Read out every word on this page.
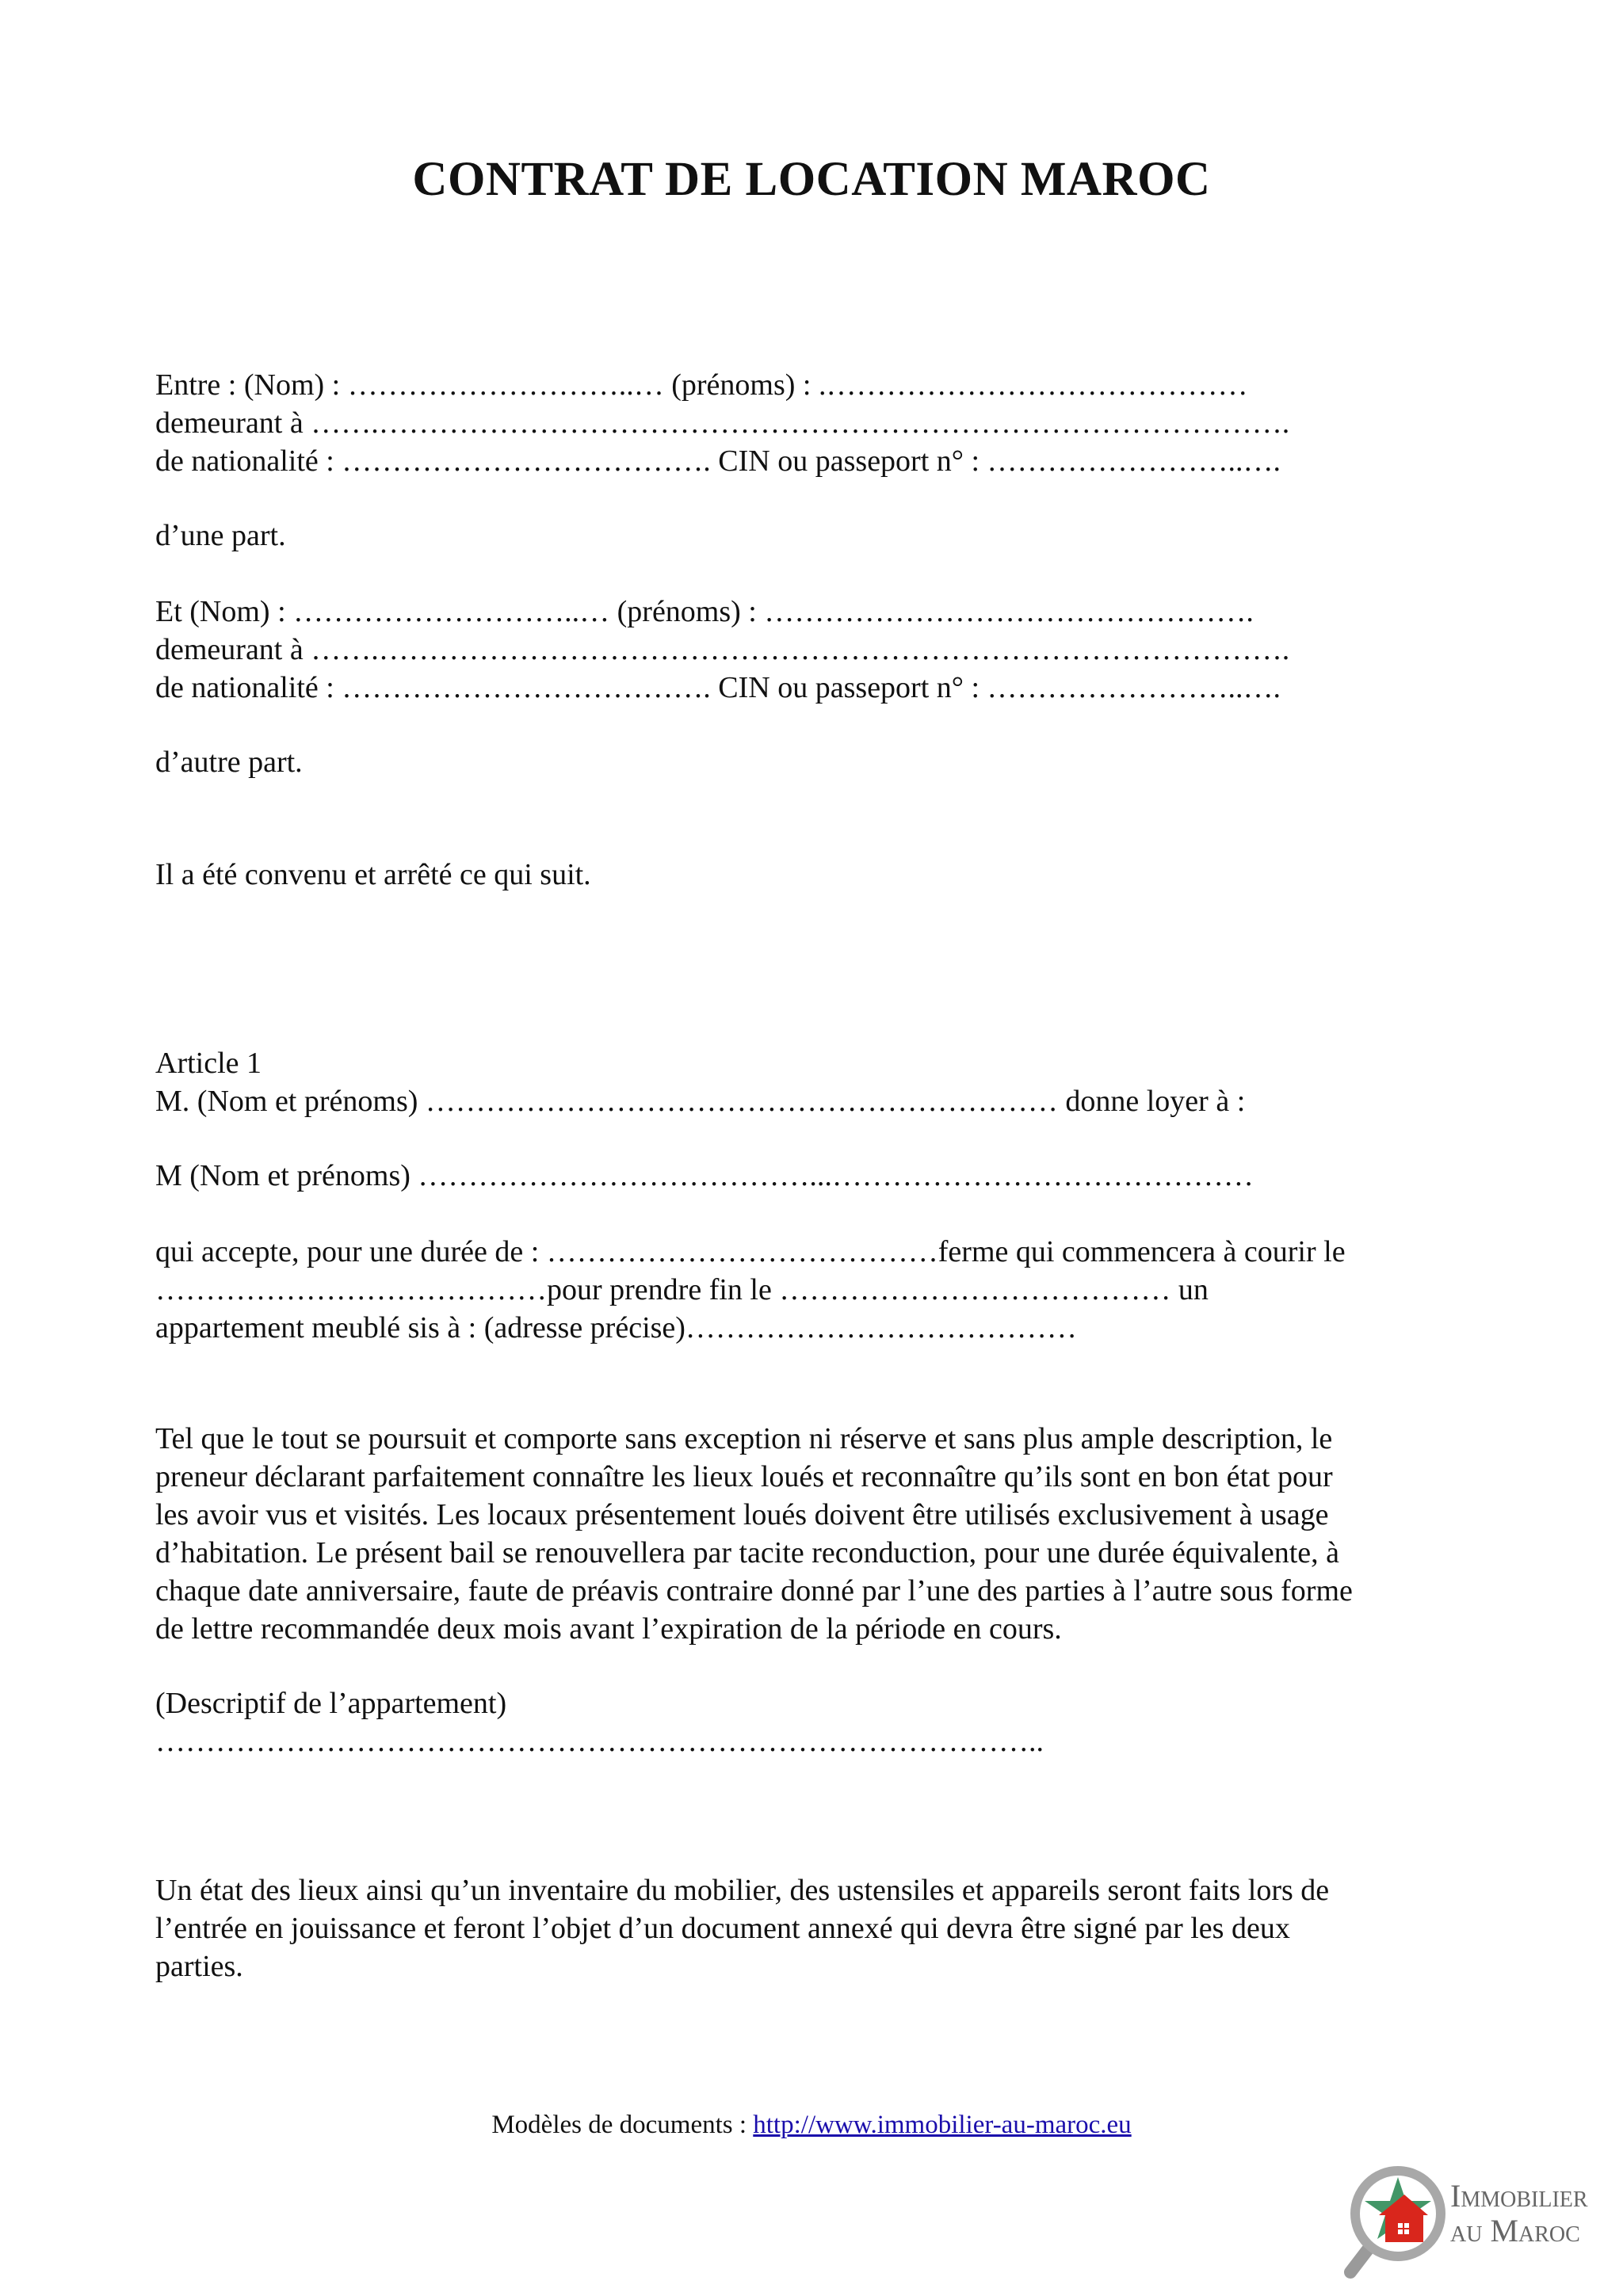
CONTRAT DE LOCATION MAROC

Entre : (Nom) : ………………………..… (prénoms) : .……………………………………

demeurant à …….……………………………………………………………………………….

de nationalité : ………………………………. CIN ou passeport n° : ……………………..….

d’une part.

Et (Nom) : ………………………..… (prénoms) : ………………………………………….

demeurant à …….……………………………………………………………………………….

de nationalité : ………………………………. CIN ou passeport n° : ……………………..….

d’autre part.

Il a été convenu et arrêté ce qui suit.

Article 1

M. (Nom et prénoms) ……………………………………………………… donne loyer à :

M (Nom et prénoms) …………………………………...……………………………………

qui accepte, pour une durée de : …………………………………ferme qui commencera à courir le

…………………………………pour prendre fin le ………………………………… un

appartement meublé sis à : (adresse précise)…………………………………

Tel que le tout se poursuit et comporte sans exception ni réserve et sans plus ample description, le

preneur déclarant parfaitement connaître les lieux loués et reconnaître qu’ils sont en bon état pour

les avoir vus et visités. Les locaux présentement loués doivent être utilisés exclusivement à usage

d’habitation. Le présent bail se renouvellera par tacite reconduction, pour une durée équivalente, à

chaque date anniversaire, faute de préavis contraire donné par l’une des parties à l’autre sous forme

de lettre recommandée deux mois avant l’expiration de la période en cours.

(Descriptif de l’appartement)

……………………………………………………………………………..

Un état des lieux ainsi qu’un inventaire du mobilier, des ustensiles et appareils seront faits lors de

l’entrée en jouissance et feront l’objet d’un document annexé qui devra être signé par les deux

parties.

Modèles de documents : http://www.immobilier-au-maroc.eu

Immobilier
au Maroc
